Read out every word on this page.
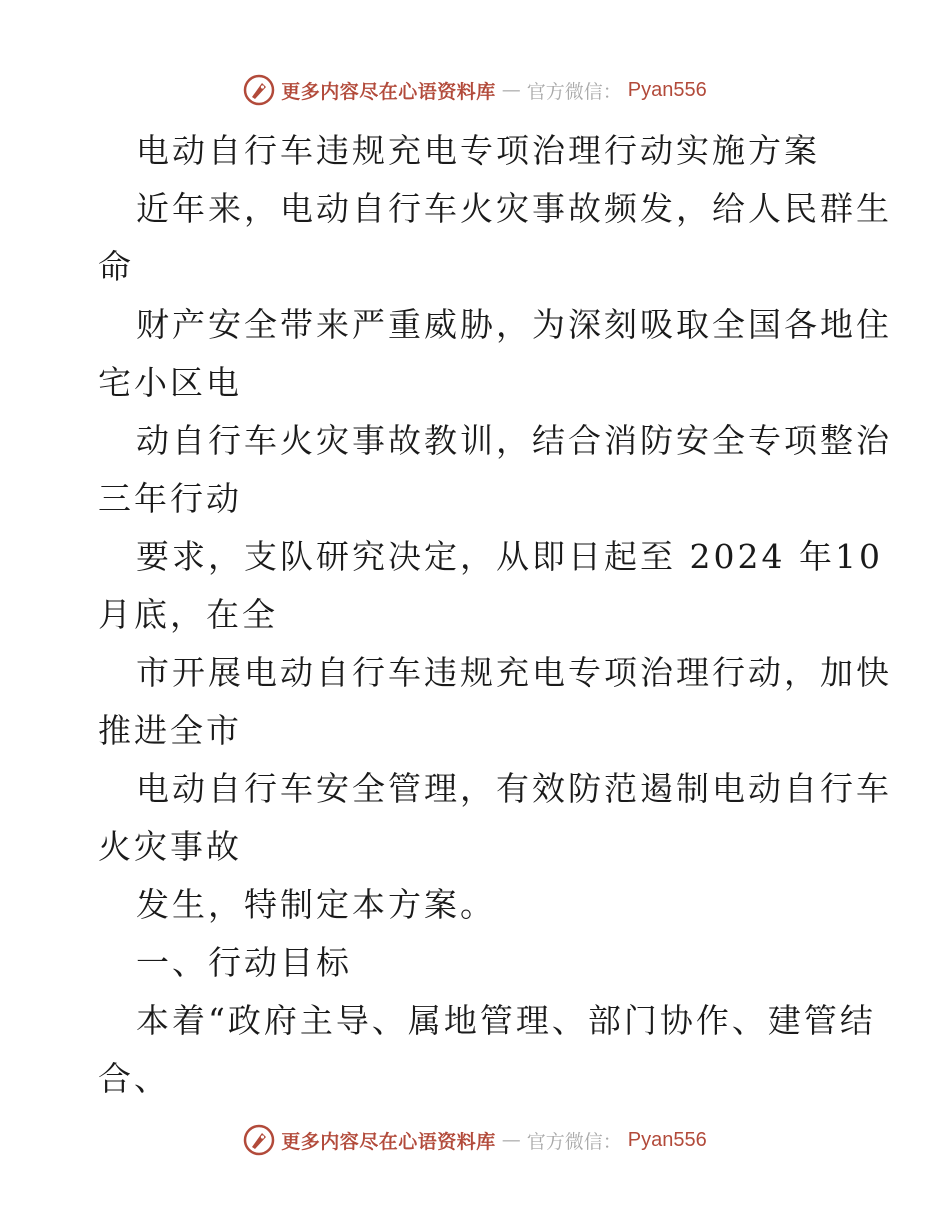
更多内容尽在心语资料库 — 官方微信： Pyan556
电动自行车违规充电专项治理行动实施方案
近年来，电动自行车火灾事故频发，给人民群生
命
财产安全带来严重威胁，为深刻吸取全国各地住
宅小区电
动自行车火灾事故教训，结合消防安全专项整治
三年行动
要求，支队研究决定，从即日起至 2024 年10
月底，在全
市开展电动自行车违规充电专项治理行动，加快
推进全市
电动自行车安全管理，有效防范遏制电动自行车
火灾事故
发生，特制定本方案。
一、行动目标
本着“政府主导、属地管理、部门协作、建管结
合、
更多内容尽在心语资料库 — 官方微信： Pyan556
